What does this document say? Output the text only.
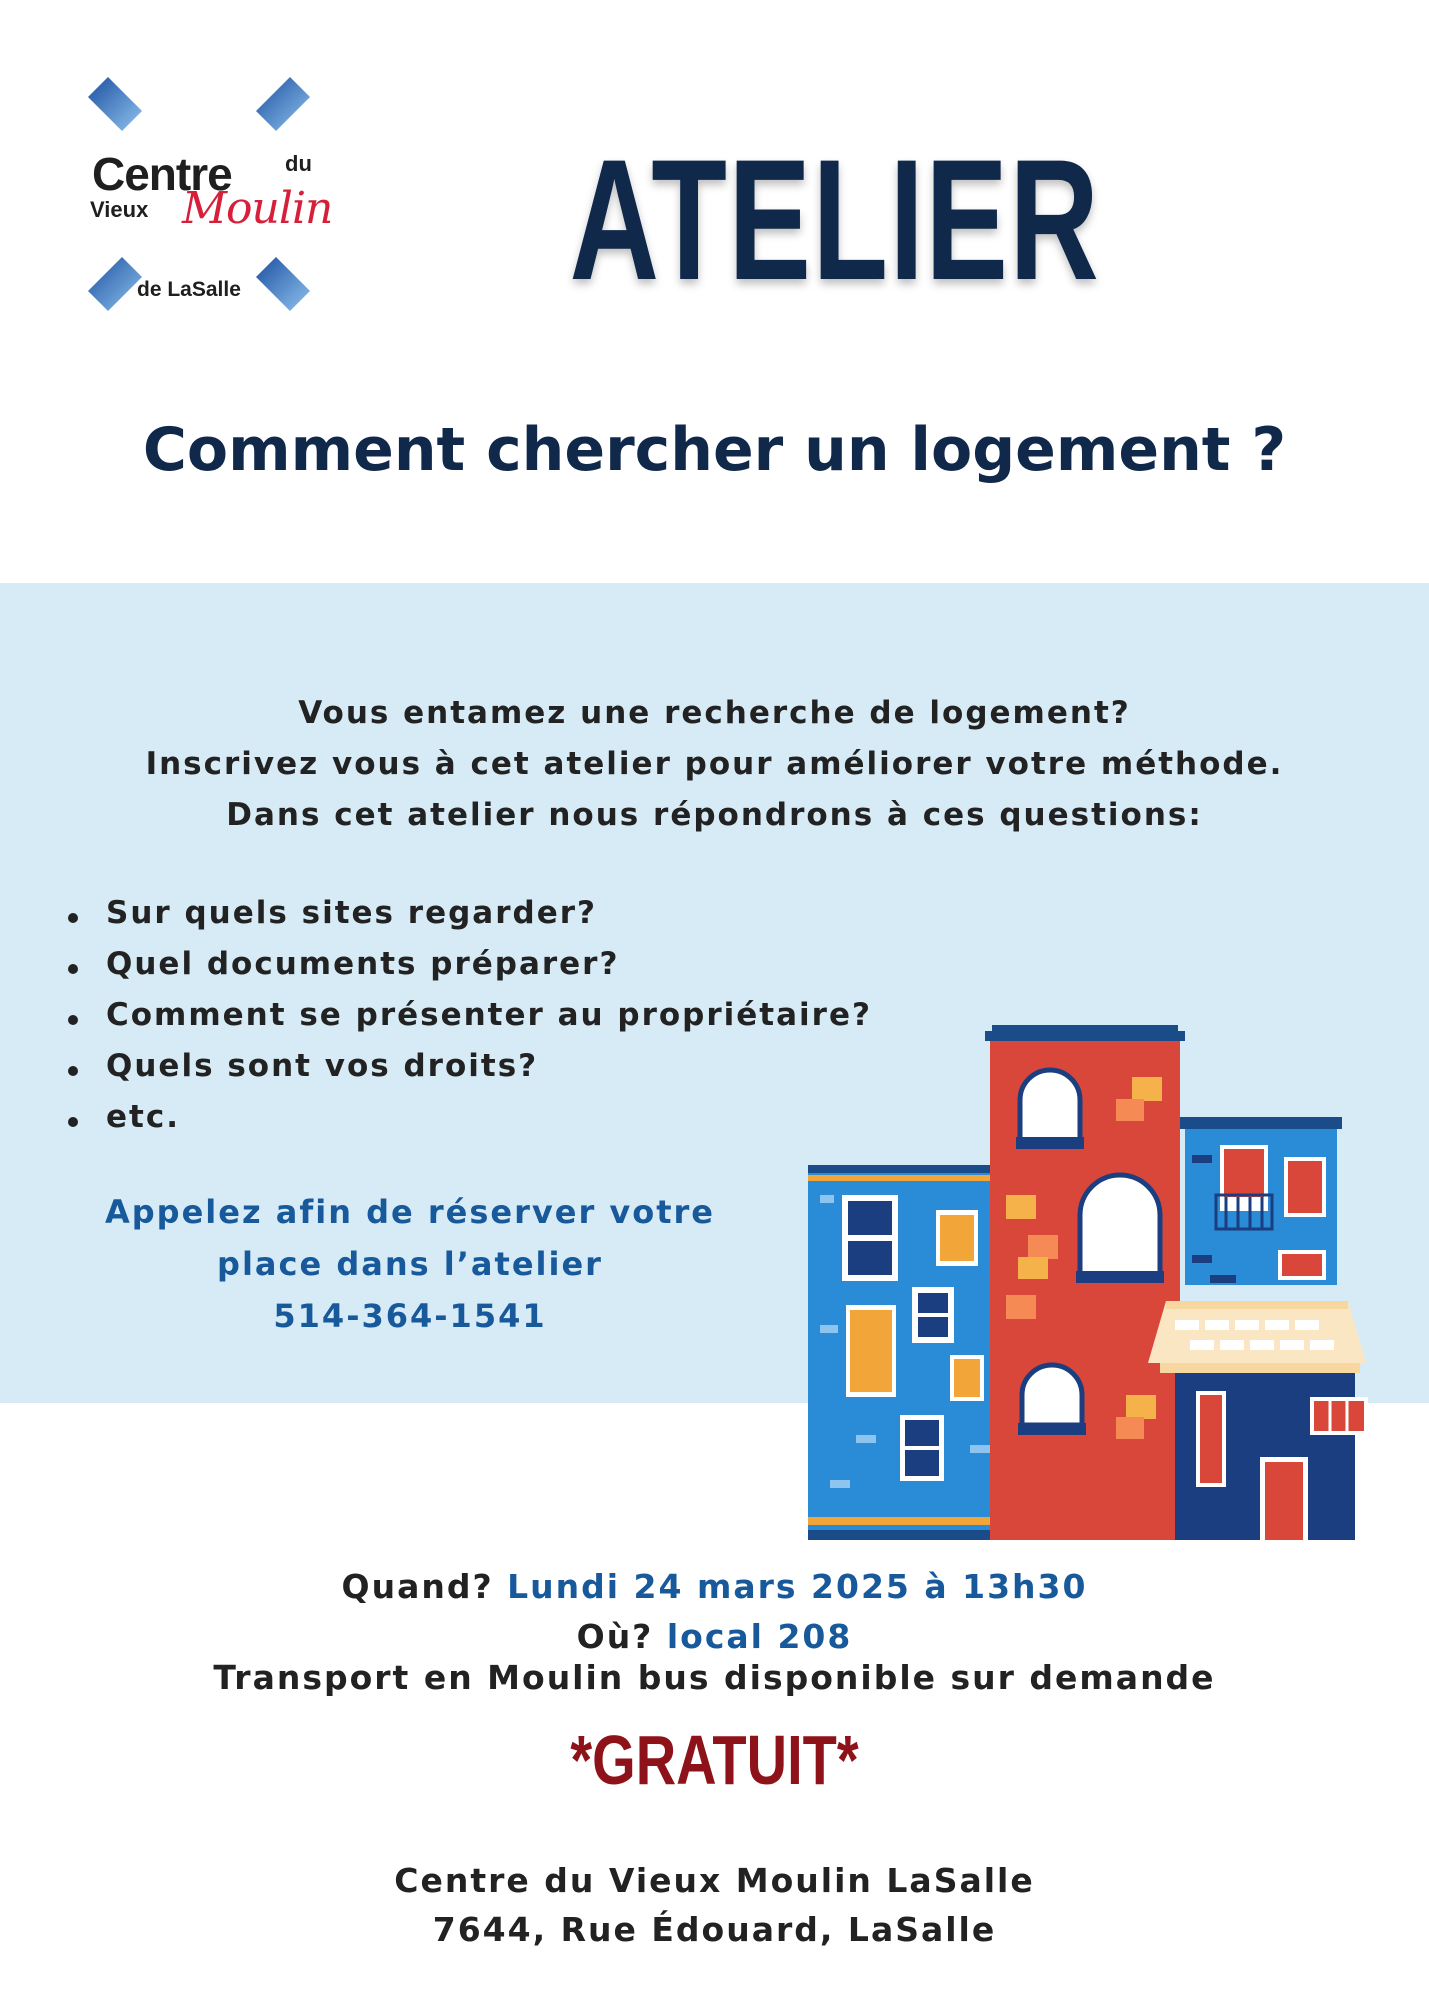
Centre du
Vieux Moulin
de LaSalle ATELIER
Comment chercher un logement ?
Vous entamez une recherche de logement?
Inscrivez vous à cet atelier pour améliorer votre méthode.
Dans cet atelier nous répondrons à ces questions:
Sur quels sites regarder?
Quel documents préparer?
Comment se présenter au propriétaire?
Quels sont vos droits?
etc.
Appelez afin de réserver votre
place dans l’atelier
514-364-1541
Quand? Lundi 24 mars 2025 à 13h30
Où? local 208
Transport en Moulin bus disponible sur demande
*GRATUIT*
Centre du Vieux Moulin LaSalle
7644, Rue Édouard, LaSalle
